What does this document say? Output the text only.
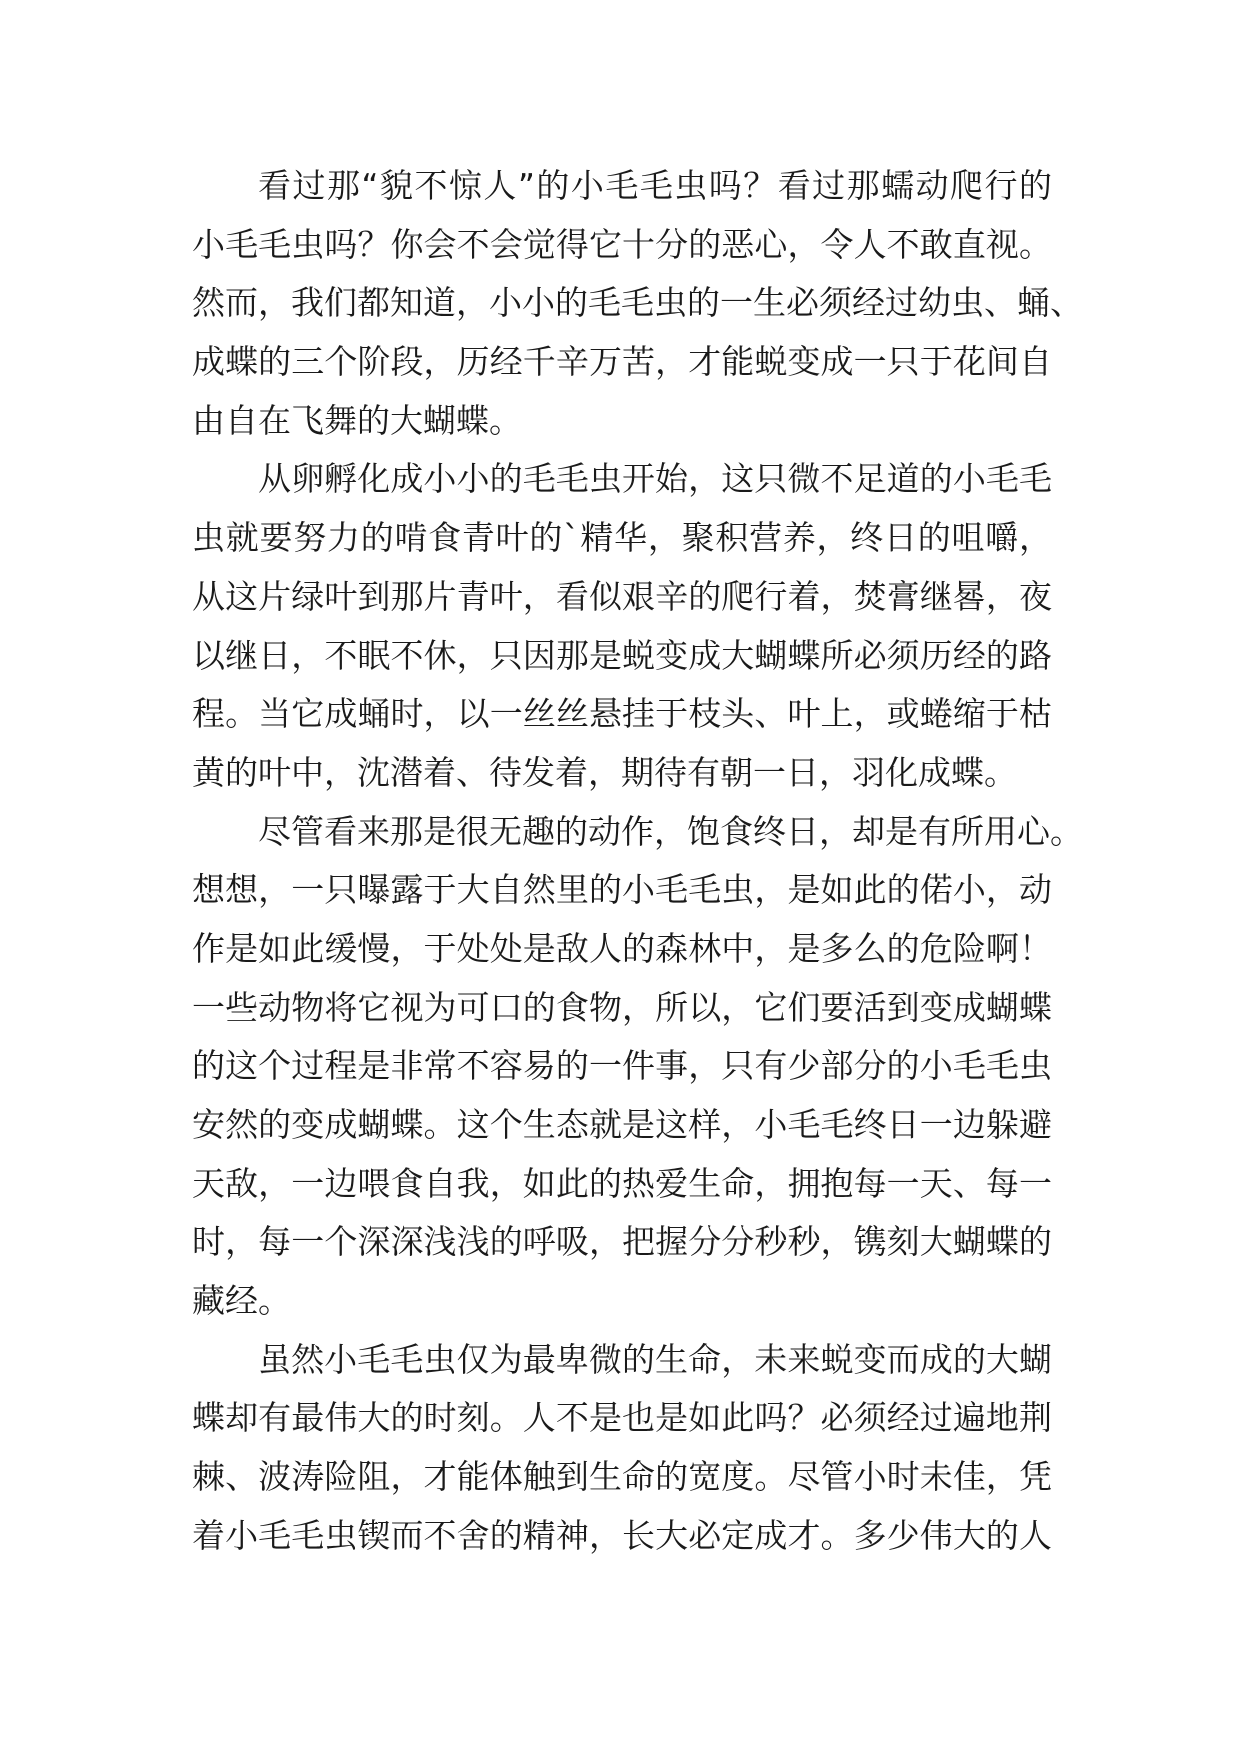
看过那“貌不惊人”的小毛毛虫吗？看过那蠕动爬行的
小毛毛虫吗？你会不会觉得它十分的恶心，令人不敢直视。
然而，我们都知道，小小的毛毛虫的一生必须经过幼虫、蛹、
成蝶的三个阶段，历经千辛万苦，才能蜕变成一只于花间自
由自在飞舞的大蝴蝶。
从卵孵化成小小的毛毛虫开始，这只微不足道的小毛毛
虫就要努力的啃食青叶的`精华，聚积营养，终日的咀嚼，
从这片绿叶到那片青叶，看似艰辛的爬行着，焚膏继晷，夜
以继日，不眠不休，只因那是蜕变成大蝴蝶所必须历经的路
程。当它成蛹时，以一丝丝悬挂于枝头、叶上，或蜷缩于枯
黄的叶中，沈潜着、待发着，期待有朝一日，羽化成蝶。
尽管看来那是很无趣的动作，饱食终日，却是有所用心。
想想，一只曝露于大自然里的小毛毛虫，是如此的偌小，动
作是如此缓慢，于处处是敌人的森林中，是多么的危险啊！
一些动物将它视为可口的食物，所以，它们要活到变成蝴蝶
的这个过程是非常不容易的一件事，只有少部分的小毛毛虫
安然的变成蝴蝶。这个生态就是这样，小毛毛终日一边躲避
天敌，一边喂食自我，如此的热爱生命，拥抱每一天、每一
时，每一个深深浅浅的呼吸，把握分分秒秒，镌刻大蝴蝶的
藏经。
虽然小毛毛虫仅为最卑微的生命，未来蜕变而成的大蝴
蝶却有最伟大的时刻。人不是也是如此吗？必须经过遍地荆
棘、波涛险阻，才能体触到生命的宽度。尽管小时未佳，凭
着小毛毛虫锲而不舍的精神，长大必定成才。多少伟大的人
